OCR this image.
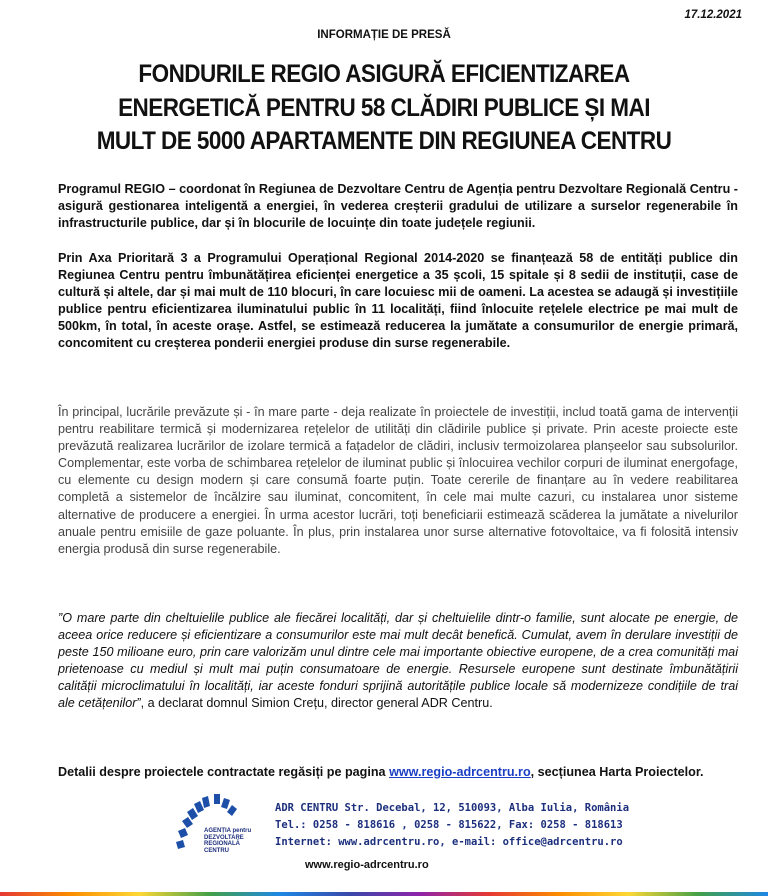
17.12.2021
INFORMAȚIE DE PRESĂ
FONDURILE REGIO ASIGURĂ EFICIENTIZAREA
ENERGETICĂ PENTRU 58 CLĂDIRI PUBLICE ȘI MAI
MULT DE 5000 APARTAMENTE DIN REGIUNEA CENTRU
Programul REGIO – coordonat în Regiunea de Dezvoltare Centru de Agenția pentru Dezvoltare Regională Centru - asigură gestionarea inteligentă a energiei, în vederea creșterii gradului de utilizare a surselor regenerabile în infrastructurile publice, dar și în blocurile de locuințe din toate județele regiunii.
Prin Axa Prioritară 3 a Programului Operațional Regional 2014-2020 se finanțează 58 de entități publice din Regiunea Centru pentru îmbunătățirea eficienței energetice a 35 școli, 15 spitale și 8 sedii de instituții, case de cultură și altele, dar și mai mult de 110 blocuri, în care locuiesc mii de oameni. La acestea se adaugă și investițiile publice pentru eficientizarea iluminatului public în 11 localități, fiind înlocuite rețelele electrice pe mai mult de 500km, în total, în aceste orașe. Astfel, se estimează reducerea la jumătate a consumurilor de energie primară, concomitent cu creșterea ponderii energiei produse din surse regenerabile.
În principal, lucrările prevăzute și - în mare parte - deja realizate în proiectele de investiții, includ toată gama de intervenții pentru reabilitare termică și modernizarea rețelelor de utilități din clădirile publice și private. Prin aceste proiecte este prevăzută realizarea lucrărilor de izolare termică a fațadelor de clădiri, inclusiv termoizolarea planșeelor sau subsolurilor. Complementar, este vorba de schimbarea rețelelor de iluminat public și înlocuirea vechilor corpuri de iluminat energofage, cu elemente cu design modern și care consumă foarte puțin. Toate cererile de finanțare au în vedere reabilitarea completă a sistemelor de încălzire sau iluminat, concomitent, în cele mai multe cazuri, cu instalarea unor sisteme alternative de producere a energiei. În urma acestor lucrări, toți beneficiarii estimează scăderea la jumătate a nivelurilor anuale pentru emisiile de gaze poluante. În plus, prin instalarea unor surse alternative fotovoltaice, va fi folosită intensiv energia produsă din surse regenerabile.
”O mare parte din cheltuielile publice ale fiecărei localități, dar și cheltuielile dintr-o familie, sunt alocate pe energie, de aceea orice reducere și eficientizare a consumurilor este mai mult decât benefică. Cumulat, avem în derulare investiții de peste 150 milioane euro, prin care valorizăm unul dintre cele mai importante obiective europene, de a crea comunități mai prietenoase cu mediul și mult mai puțin consumatoare de energie. Resursele europene sunt destinate îmbunătățirii calității microclimatului în localități, iar aceste fonduri sprijină autoritățile publice locale să modernizeze condițiile de trai ale cetățenilor”, a declarat domnul Simion Crețu, director general ADR Centru.
Detalii despre proiectele contractate regăsiți pe pagina www.regio-adrcentru.ro, secțiunea Harta Proiectelor.
AGENȚIA pentru
DEZVOLTARE
REGIONALĂ
CENTRU
ADR CENTRU Str. Decebal, 12, 510093, Alba Iulia, România
Tel.: 0258 - 818616 , 0258 - 815622, Fax: 0258 - 818613
Internet: www.adrcentru.ro, e-mail: office@adrcentru.ro
www.regio-adrcentru.ro
